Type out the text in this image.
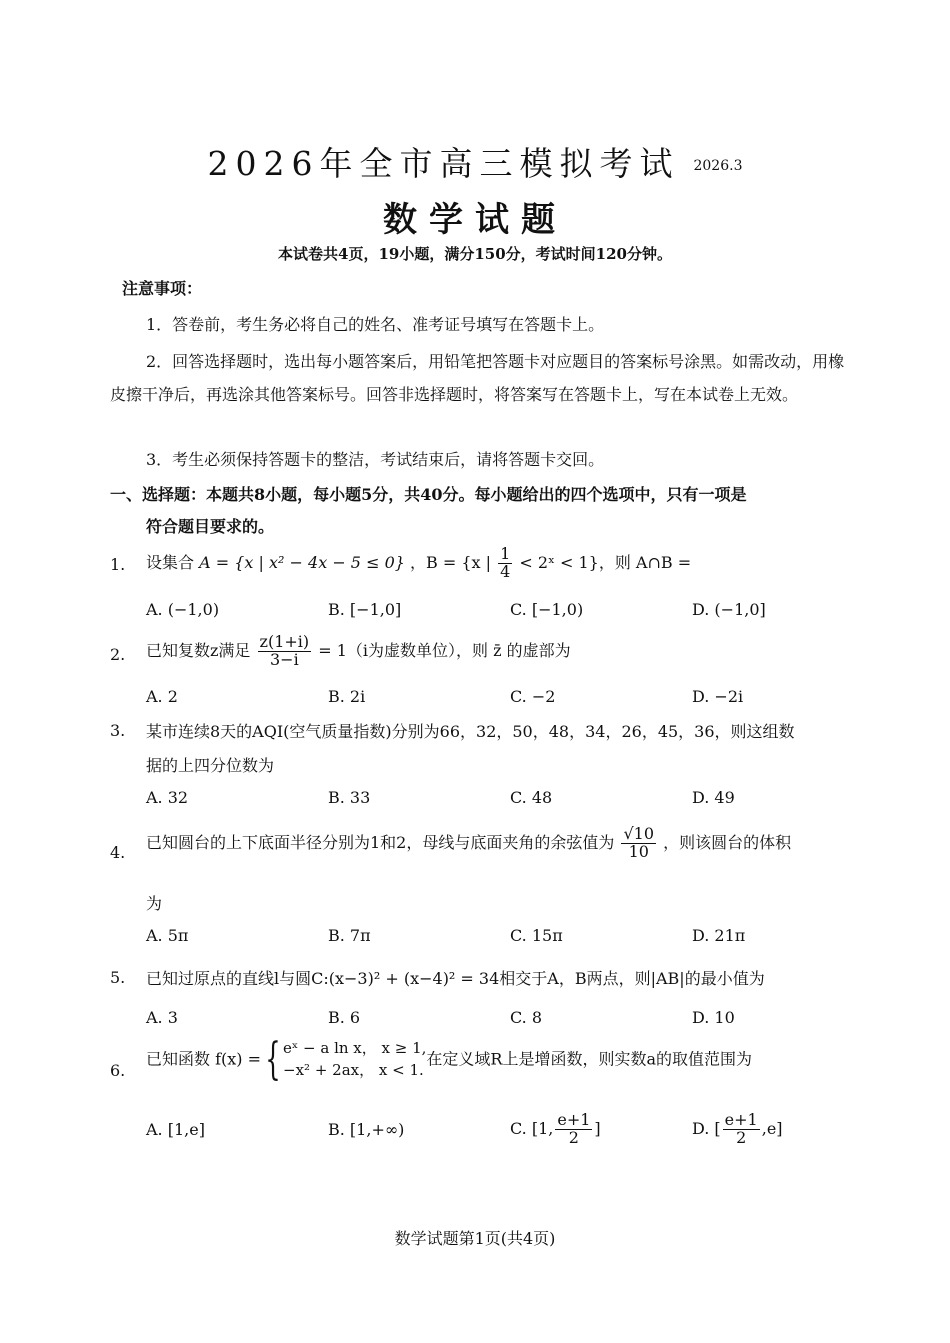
2026年全市高三模拟考试 2026.3
数学试题
本试卷共4页，19小题，满分150分，考试时间120分钟。
注意事项：
1．答卷前，考生务必将自己的姓名、准考证号填写在答题卡上。
2．回答选择题时，选出每小题答案后，用铅笔把答题卡对应题目的答案标号涂黑。如需改动，用橡皮擦干净后，再选涂其他答案标号。回答非选择题时，将答案写在答题卡上，写在本试卷上无效。
3．考生必须保持答题卡的整洁，考试结束后，请将答题卡交回。
一、选择题：本题共8小题，每小题5分，共40分。每小题给出的四个选项中，只有一项是
符合题目要求的。
1. 设集合 A = {x | x² − 4x − 5 ≤ 0} ，B = {x | $\frac{1}{4}$ < 2ˣ < 1}，则 A∩B =
A. (−1,0)	B. [−1,0]	C. [−1,0)	D. (−1,0]
2. 已知复数z满足 $\frac{z(1+i)}{3-i} = 1(i$为虚数单位），则 z̄ 的虚部为
A. 2	B. 2i	C. −2	D. −2i
3. 某市连续8天的AQI(空气质量指数)分别为66，32，50，48，34，26，45，36，则这组数
据的上四分位数为
A. 32	B. 33	C. 48	D. 49
4.
已知圆台的上下底面半径分别为1和2，母线与底面夹角的余弦值为 $\frac{√10}{10}$ ，则该圆台的体积
为
A. 5π	B. 7π	C. 15π	D. 21π
5. 已知过原点的直线l与圆C:(x−3)² + (x−4)² = 34相交于A，B两点，则|AB|的最小值为
A. 3	B. 6	C. 8	D. 10
6.
已知函数 f(x) ={ eˣ − a ln x， x ≥ 1,
−x² + 2ax， x < 1.
在定义域R上是增函数，则实数a的取值范围为
A. [1,e]	B. [1,+∞)	C. [1, $\frac{e+1}{2}$ ]	D. [ $\frac{e+1}{2} ,e$]
数学试题第1页(共4页)
